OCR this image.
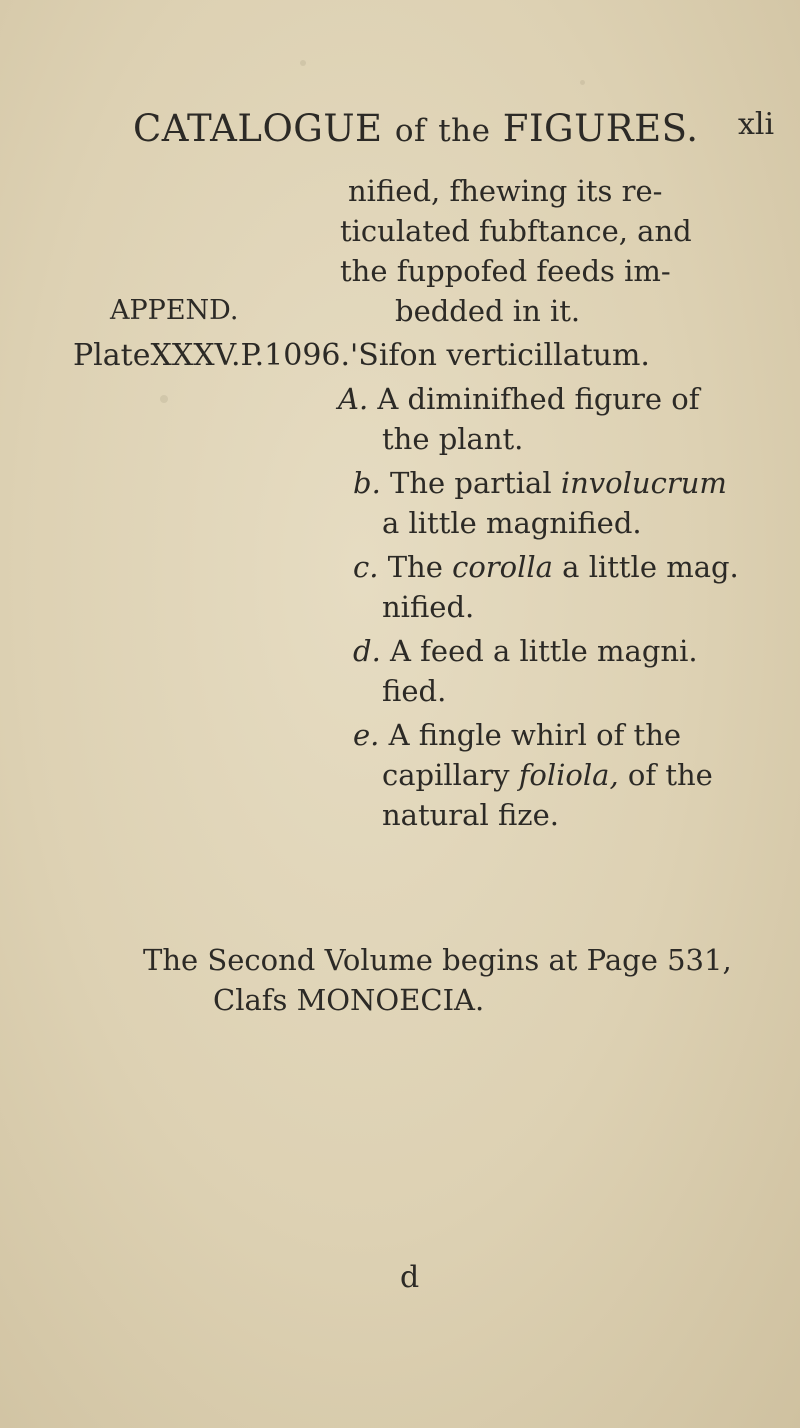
CATALOGUE of the FIGURES. xli
nified, fhewing its re-
ticulated fubftance, and
the fuppofed feeds im-
bedded in it.
APPEND.
PlateXXXV.P.1096.'Sifon verticillatum.
A. A diminifhed figure of
the plant.
b. The partial involucrum
a little magnified.
c. The corolla a little mag.
nified.
d. A feed a little magni.
fied.
e. A fingle whirl of the
capillary foliola, of the
natural fize.
The Second Volume begins at Page 531,
Clafs MONOECIA.
d
